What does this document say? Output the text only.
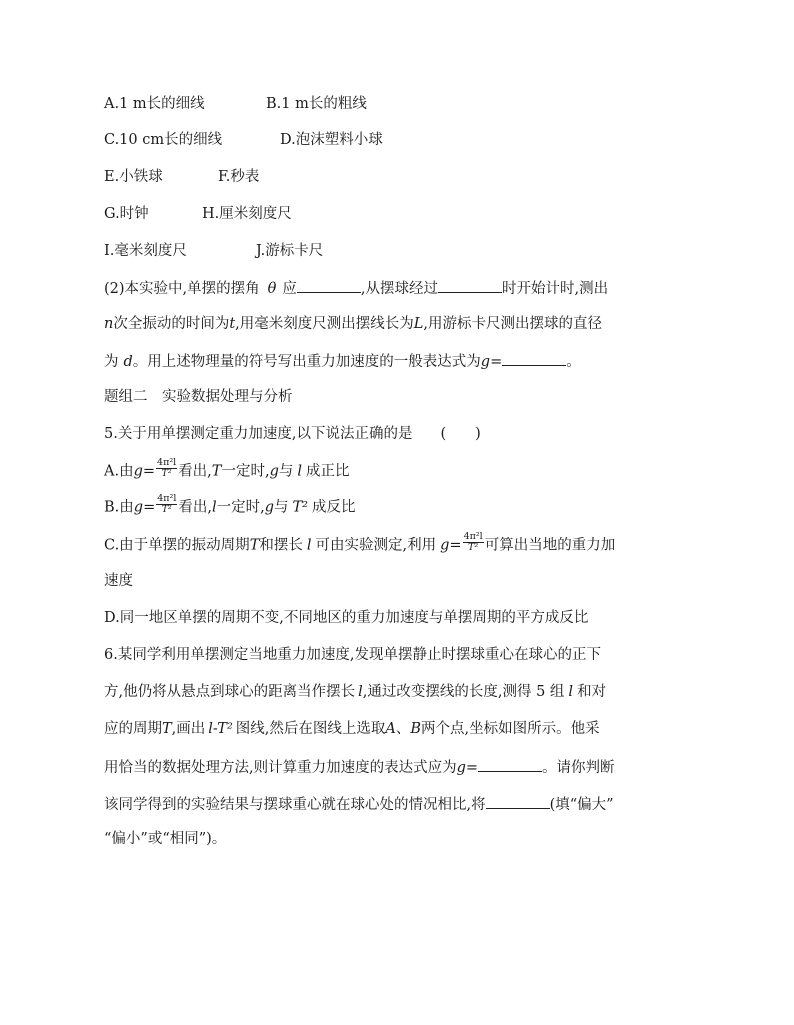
A.1 m长的细线	B.1 m长的粗线
C.10 cm长的细线	D.泡沫塑料小球
E.小铁球	F.秒表
G.时钟	H.厘米刻度尺
I.毫米刻度尺	J.游标卡尺
(2)本实验中,单摆的摆角 θ 应	,从摆球经过	时开始计时,测出
n次全振动的时间为t,用毫米刻度尺测出摆线长为L,用游标卡尺测出摆球的直径
为 d。用上述物理量的符号写出重力加速度的一般表达式为g=	。
题组二　实验数据处理与分析
5.关于用单摆测定重力加速度,以下说法正确的是 (　　)
A.由$g= \frac{\text{4π²l}}{\text{T²}}$ 看出,T一定时,g与 l 成正比
B.由$g= \frac{\text{4π²l}}{\text{T²}}$ 看出,l一定时,g与 T² 成反比
C.由于单摆的振动周期T和摆长 l 可由实验测定,利用 $g= \frac{\text{4π²l}}{\text{T²}}$ 可算出当地的重力加
速度
D.同一地区单摆的周期不变,不同地区的重力加速度与单摆周期的平方成反比
6.某同学利用单摆测定当地重力加速度,发现单摆静止时摆球重心在球心的正下
方,他仍将从悬点到球心的距离当作摆长 l,通过改变摆线的长度,测得 5 组 l 和对
应的周期T,画出 l-T² 图线,然后在图线上选取A、B两个点,坐标如图所示。他采
用恰当的数据处理方法,则计算重力加速度的表达式应为g=	。请你判断
该同学得到的实验结果与摆球重心就在球心处的情况相比,将	(填“偏大”
“偏小”或“相同”)。
